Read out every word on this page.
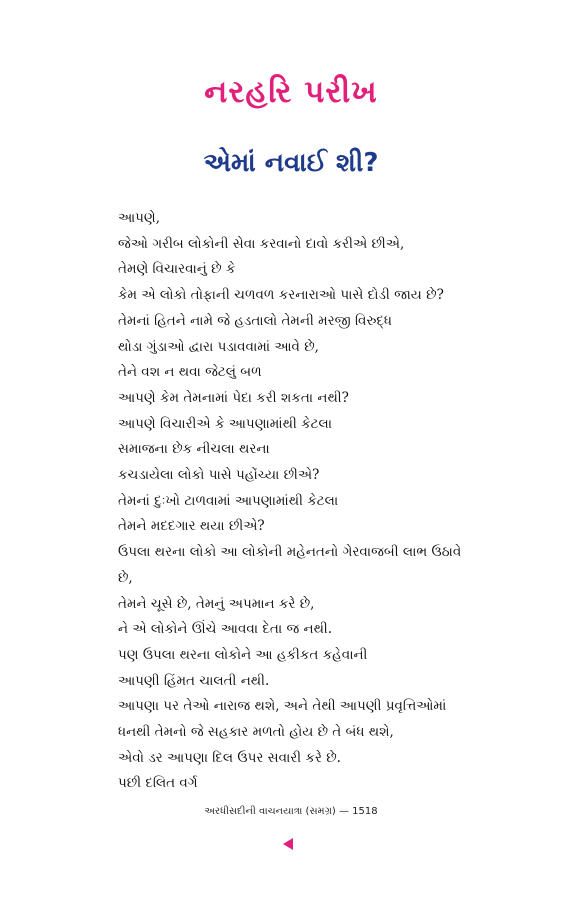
નરહરિ પરીખ
એમાં નવાઈ શી?
આપણે,
જેઓ ગરીબ લોકોની સેવા કરવાનો દાવો કરીએ છીએ,
તેમણે વિચારવાનું છે કે
કેમ એ લોકો તોફાની ચળવળ કરનારાઓ પાસે દોડી જાય છે?
તેમનાં હિતને નામે જે હડતાલો તેમની મરજી વિરુદ્ધ
થોડા ગુંડાઓ દ્વારા પડાવવામાં આવે છે,
તેને વશ ન થવા જેટલું બળ
આપણે કેમ તેમનામાં પેદા કરી શકતા નથી?
આપણે વિચારીએ કે આપણામાંથી કેટલા
સમાજના છેક નીચલા થરના
કચડાયેલા લોકો પાસે પહોંચ્યા છીએ?
તેમનાં દુઃખો ટાળવામાં આપણામાંથી કેટલા
તેમને મદદગાર થયા છીએ?
ઉપલા થરના લોકો આ લોકોની મહેનતનો ગેરવાજબી લાભ ઉઠાવે
છે,
તેમને ચૂસે છે, તેમનું અપમાન કરે છે,
ને એ લોકોને ઊંચે આવવા દેતા જ નથી.
પણ ઉપલા થરના લોકોને આ હકીકત કહેવાની
આપણી હિંમત ચાલતી નથી.
આપણા પર તેઓ નારાજ થશે, અને તેથી આપણી પ્રવૃત્તિઓમાં
ધનથી તેમનો જે સહકાર મળતો હોય છે તે બંધ થશે,
એવો ડર આપણા દિલ ઉપર સવારી કરે છે.
પછી દલિત વર્ગ
અરધીસદીની વાચનયાત્રા (સમગ્ર) — 1518
